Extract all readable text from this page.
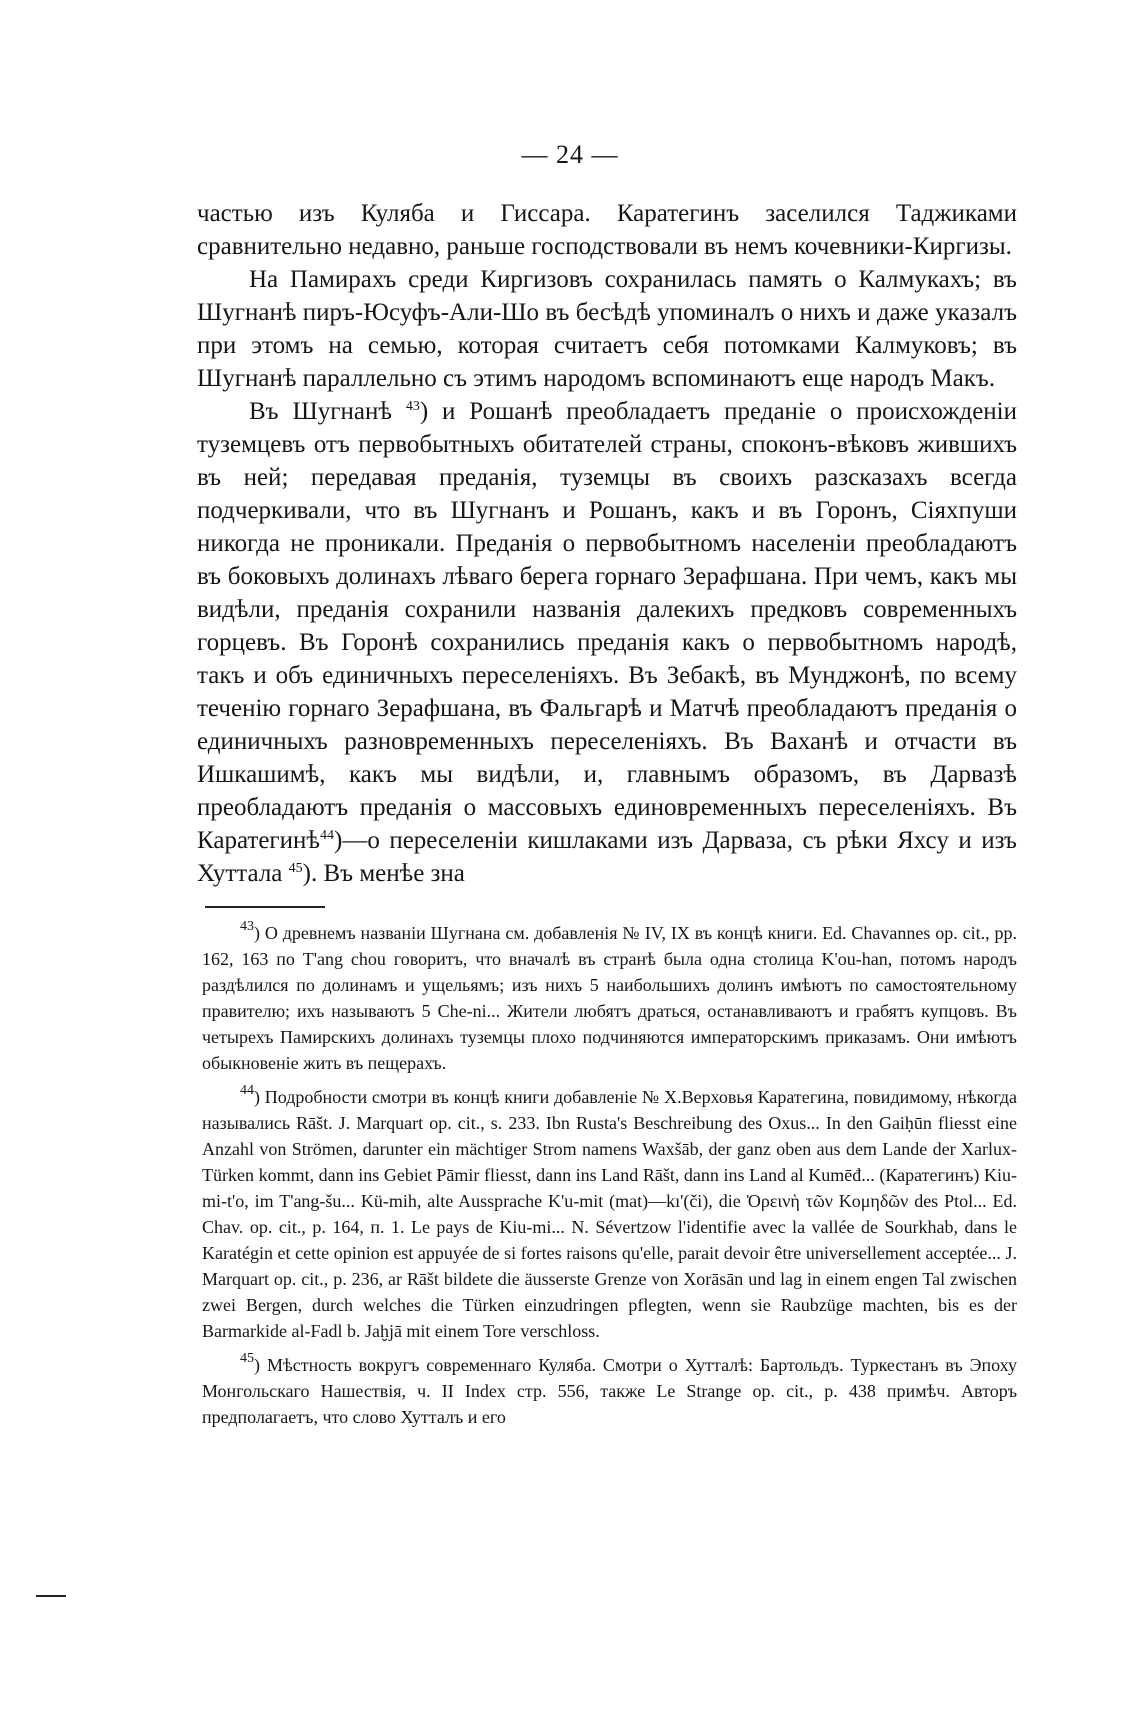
— 24 —

частью изъ Куляба и Гиссара. Каратегинъ заселился Таджиками сравнительно недавно, раньше господствовали въ немъ кочевники-Киргизы.

На Памирахъ среди Киргизовъ сохранилась память о Калмукахъ; въ Шугнанѣ пиръ-Юсуфъ-Али-Шо въ бесѣдѣ упоминалъ о нихъ и даже указалъ при этомъ на семью, которая считаетъ себя потомками Калмуковъ; въ Шугнанѣ параллельно съ этимъ народомъ вспоминаютъ еще народъ Макъ.

Въ Шугнанѣ $^{43}$) и Рошанѣ преобладаетъ преданіе о происхожденіи туземцевъ отъ первобытныхъ обитателей страны, споконъ-вѣковъ жившихъ въ ней; передавая преданія, туземцы въ своихъ разсказахъ всегда подчеркивали, что въ Шугнанъ и Рошанъ, какъ и въ Горонъ, Сіяхпуши никогда не проникали. Преданія о первобытномъ населеніи преобладаютъ въ боковыхъ долинахъ лѣваго берега горнаго Зерафшана. При чемъ, какъ мы видѣли, преданія сохранили названія далекихъ предковъ современныхъ горцевъ. Въ Горонѣ сохранились преданія какъ о первобытномъ народѣ, такъ и объ единичныхъ переселеніяхъ. Въ Зебакѣ, въ Мунджонѣ, по всему теченію горнаго Зерафшана, въ Фальгарѣ и Матчѣ преобладаютъ преданія о единичныхъ разновременныхъ переселеніяхъ. Въ Ваханѣ и отчасти въ Ишкашимѣ, какъ мы видѣли, и, главнымъ образомъ, въ Дарвазѣ преобладаютъ преданія о массовыхъ единовременныхъ переселеніяхъ. Въ Каратегинѣ$^{44}$)—о переселеніи кишлаками изъ Дарваза, съ рѣки Яхсу и изъ Хуттала $^{45}$). Въ менѣе зна

$^{43}$) О древнемъ названіи Шугнана см. добавленія № IV, IX въ концѣ книги. Ed. Chavannes op. cit., pp. 162, 163 по T'ang chou говоритъ, что вначалѣ въ странѣ была одна столица K'ou-han, потомъ народъ раздѣлился по долинамъ и ущельямъ; изъ нихъ 5 наибольшихъ долинъ имѣютъ по самостоятельному правителю; ихъ называютъ 5 Che-ni... Жители любятъ драться, останавливаютъ и грабятъ купцовъ. Въ четырехъ Памирскихъ долинахъ туземцы плохо подчиняются императорскимъ приказамъ. Они имѣютъ обыкновеніе жить въ пещерахъ.

$^{44}$) Подробности смотри въ концѣ книги добавленіе № X.Верховья Каратегина, повидимому, нѣкогда назывались Rāšt. J. Marquart op. cit., s. 233. Ibn Rusta's Beschreibung des Oxus... In den Gaiḥūn fliesst eine Anzahl von Strömen, darunter ein mächtiger Strom namens Waxšāb, der ganz oben aus dem Lande der Xarlux-Türken kommt, dann ins Gebiet Pāmir fliesst, dann ins Land Rāšt, dann ins Land al Kumēđ... (Каратегинъ) Kiu-mi-t'o, im T'ang-šu... Kü-mih, alte Aussprache K'u-mit (mat)—kı'(či), die Ὀρεινὴ τῶν Κομηδῶν des Ptol... Ed. Chav. op. cit., p. 164, п. 1. Le pays de Kiu-mi... N. Sévertzow l'identifie avec la vallée de Sourkhab, dans le Karatégin et cette opinion est appuyée de si fortes raisons qu'elle, parait devoir être universellement acceptée... J. Marquart op. cit., p. 236, ar Rāšt bildete die äusserste Grenze von Xorāsān und lag in einem engen Tal zwischen zwei Bergen, durch welches die Türken einzudringen pflegten, wenn sie Raubzüge machten, bis es der Barmarkide al-Fadl b. Jaḫjā mit einem Tore verschloss.

$^{45}$) Мѣстность вокругъ современнаго Куляба. Смотри о Хутталѣ: Бартольдъ. Туркестанъ въ Эпоху Монгольскаго Нашествія, ч. II Index стр. 556, также Le Strange op. cit., p. 438 примѣч. Авторъ предполагаетъ, что слово Хутталъ и его
